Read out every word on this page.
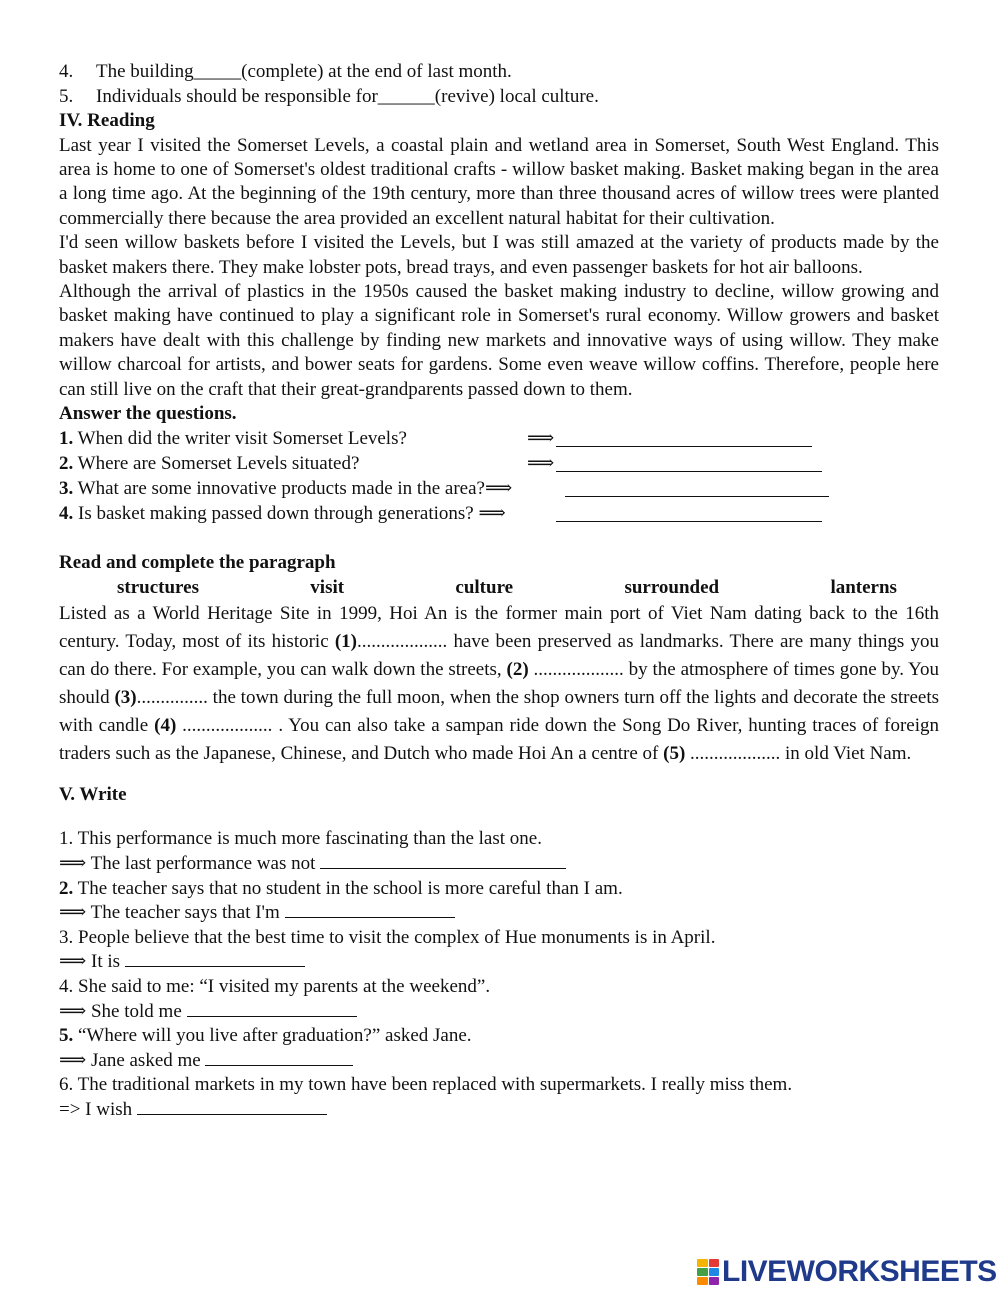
4. The building_____(complete) at the end of last month.
5. Individuals should be responsible for______(revive) local culture.
IV. Reading
Last year I visited the Somerset Levels, a coastal plain and wetland area in Somerset, South West England. This area is home to one of Somerset's oldest traditional crafts - willow basket making. Basket making began in the area a long time ago. At the beginning of the 19th century, more than three thousand acres of willow trees were planted commercially there because the area provided an excellent natural habitat for their cultivation.
I'd seen willow baskets before I visited the Levels, but I was still amazed at the variety of products made by the basket makers there. They make lobster pots, bread trays, and even passenger baskets for hot air balloons.
Although the arrival of plastics in the 1950s caused the basket making industry to decline, willow growing and basket making have continued to play a significant role in Somerset's rural economy. Willow growers and basket makers have dealt with this challenge by finding new markets and innovative ways of using willow. They make willow charcoal for artists, and bower seats for gardens. Some even weave willow coffins. Therefore, people here can still live on the craft that their great-grandparents passed down to them.
Answer the questions.
1. When did the writer visit Somerset Levels?	⟹
2. Where are Somerset Levels situated?	⟹
3. What are some innovative products made in the area?⟹
4. Is basket making passed down through generations? ⟹
Read and complete the paragraph
structures	visit	culture	surrounded	lanterns
Listed as a World Heritage Site in 1999, Hoi An is the former main port of Viet Nam dating back to the 16th century. Today, most of its historic (1)................... have been preserved as landmarks. There are many things you can do there. For example, you can walk down the streets, (2) ................... by the atmosphere of times gone by. You should (3)............... the town during the full moon, when the shop owners turn off the lights and decorate the streets with candle (4) ................... . You can also take a sampan ride down the Song Do River, hunting traces of foreign traders such as the Japanese, Chinese, and Dutch who made Hoi An a centre of (5) ................... in old Viet Nam.
V. Write
1. This performance is much more fascinating than the last one.
⟹ The last performance was not
2. The teacher says that no student in the school is more careful than I am.
⟹ The teacher says that I'm
3. People believe that the best time to visit the complex of Hue monuments is in April.
⟹ It is
4. She said to me: “I visited my parents at the weekend”.
⟹ She told me
5. “Where will you live after graduation?” asked Jane.
⟹ Jane asked me
6. The traditional markets in my town have been replaced with supermarkets. I really miss them.
=> I wish
LIVEWORKSHEETS
